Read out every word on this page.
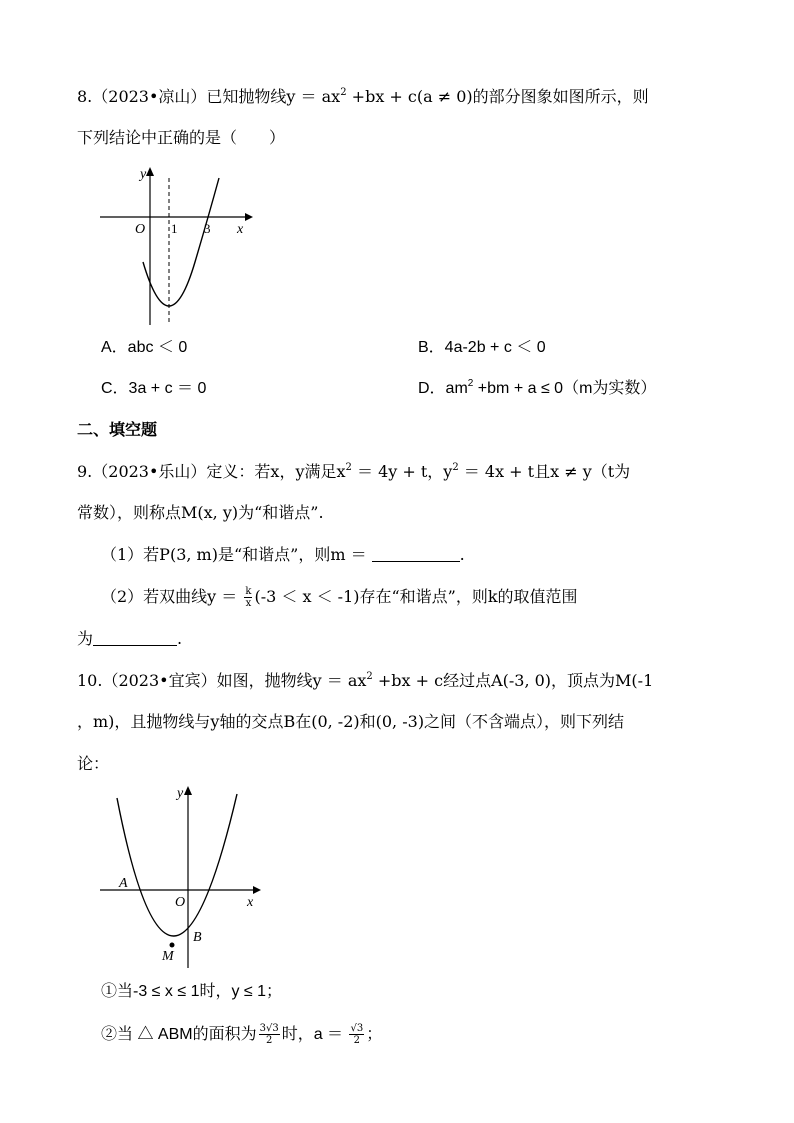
8.（2023•凉山）已知抛物线$y = ax^2 +bx + c(a \ne 0)$的部分图象如图所示，则
下列结论中正确的是（　　）
y
x
O 1 3
A．abc ＜ 0	B．4a-2b + c ＜ 0
C．3a + c ＝ 0	D．$am^2 +bm + a \le 0(m$为实数）
二、填空题
9.（2023•乐山）定义：若x，y满足$x^2 = 4y + t$，$y^2 = 4x + t$且x ≠ y（t为
常数），则称点M(x, y)为“和谐点”.
（1）若P(3, m)是“和谐点”，则m ＝	.
（2）若双曲线$y = \frac{k}{x} (-3 < x < -1)$存在“和谐点”，则k的取值范围
为	.
10.（2023•宜宾）如图，抛物线$y = ax^2 +bx + c$经过点A(-3, 0)，顶点为M(-1
，m)，且抛物线与y轴的交点B在(0, -2)和(0, -3)之间（不含端点），则下列结
论：
y
x
O
A
B
M
①当-3 ≤ x ≤ 1时，y ≤ 1；
②当 △ ABM的面积为 $\frac{3√3}{2}$ 时，$a = \frac{√3}{2}$ ；
